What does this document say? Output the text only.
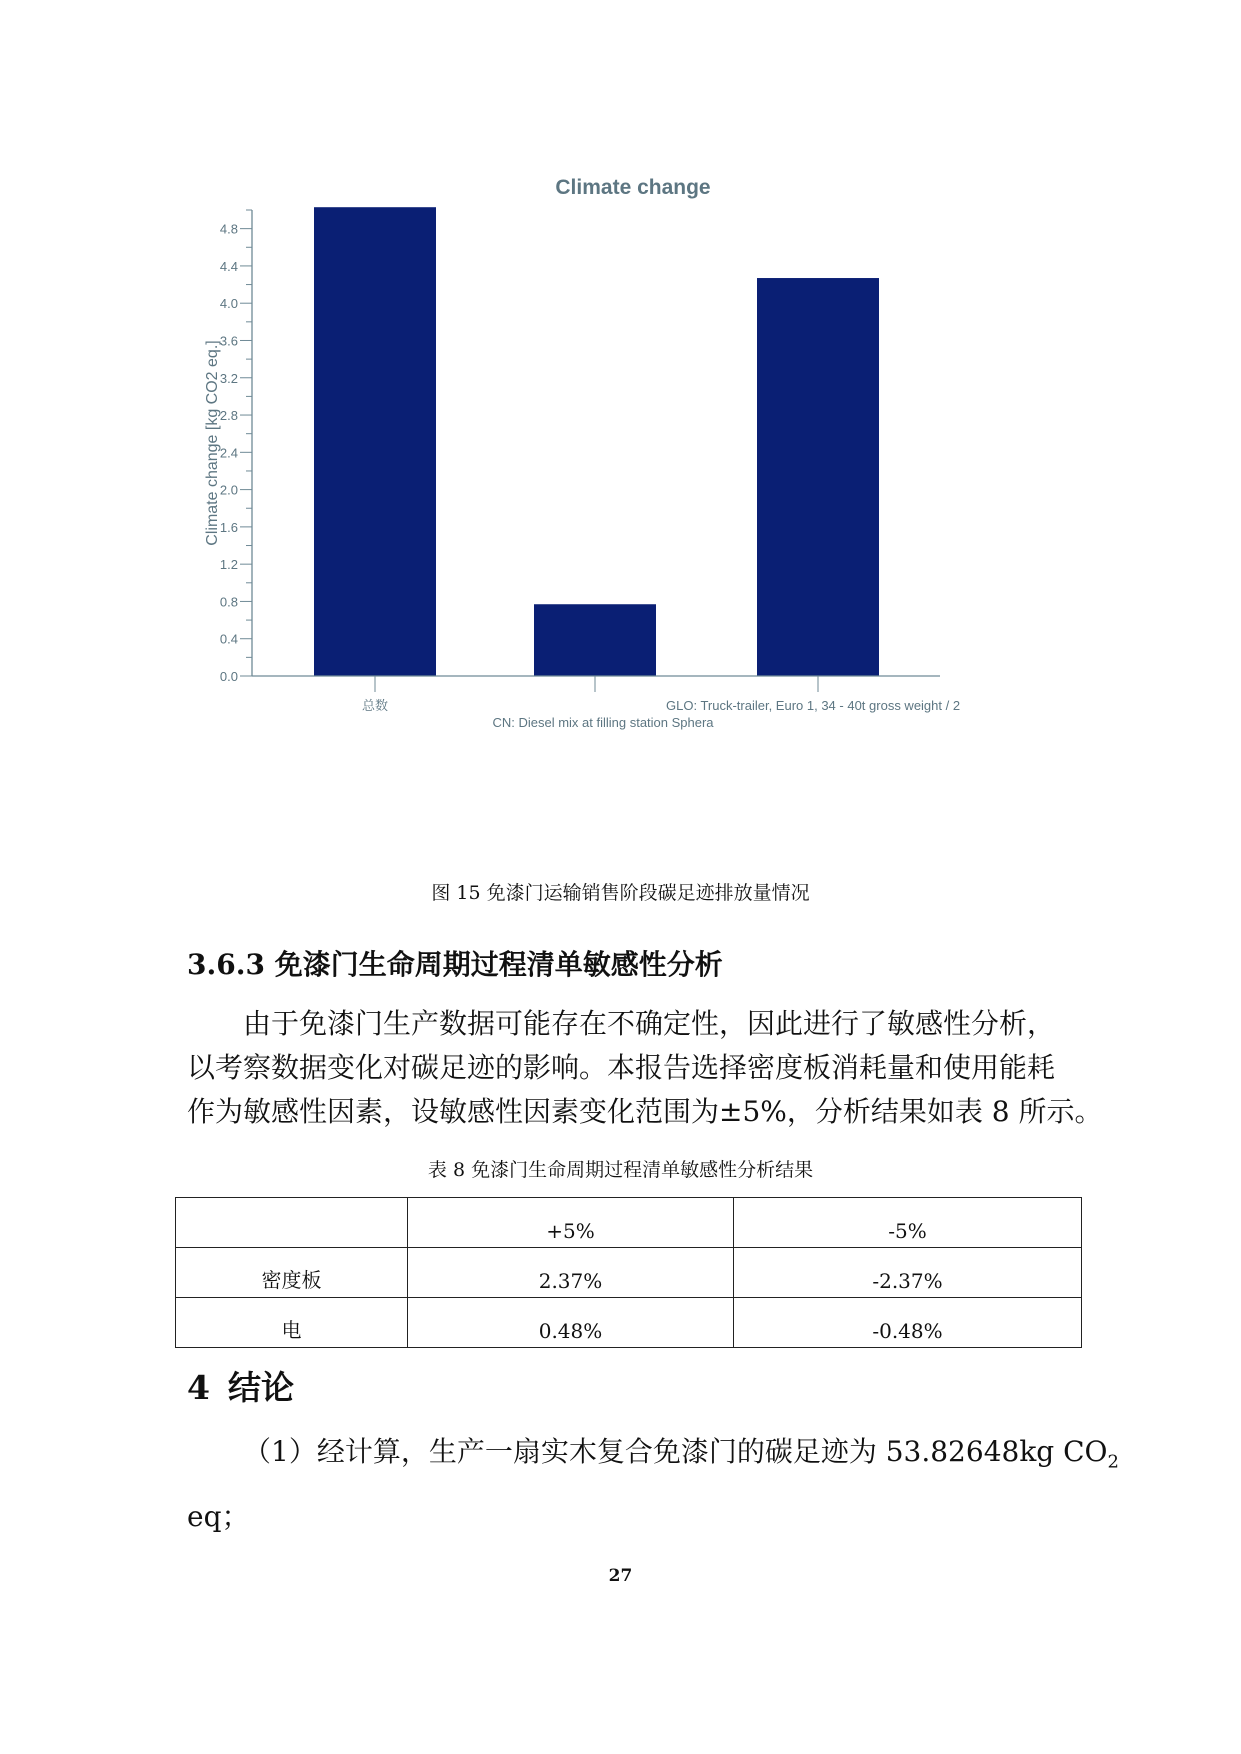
Climate change
Climate change [kg CO2 eq.]
0.0
0.4
0.8
1.2
1.6
2.0
2.4
2.8
3.2
3.6
4.0
4.4
4.8
总数
CN: Diesel mix at filling station Sphera
GLO: Truck-trailer, Euro 1, 34 - 40t gross weight / 2
图 15 免漆门运输销售阶段碳足迹排放量情况
3.6.3 免漆门生命周期过程清单敏感性分析
由于免漆门生产数据可能存在不确定性，因此进行了敏感性分析，
以考察数据变化对碳足迹的影响。本报告选择密度板消耗量和使用能耗
作为敏感性因素，设敏感性因素变化范围为±5%，分析结果如表 8 所示。
表 8 免漆门生命周期过程清单敏感性分析结果
	+5%	-5%
密度板	2.37%	-2.37%
电	0.48%	-0.48%
4 结论
（1）经计算，生产一扇实木复合免漆门的碳足迹为 53.82648kg $CO_2$
eq；
27
